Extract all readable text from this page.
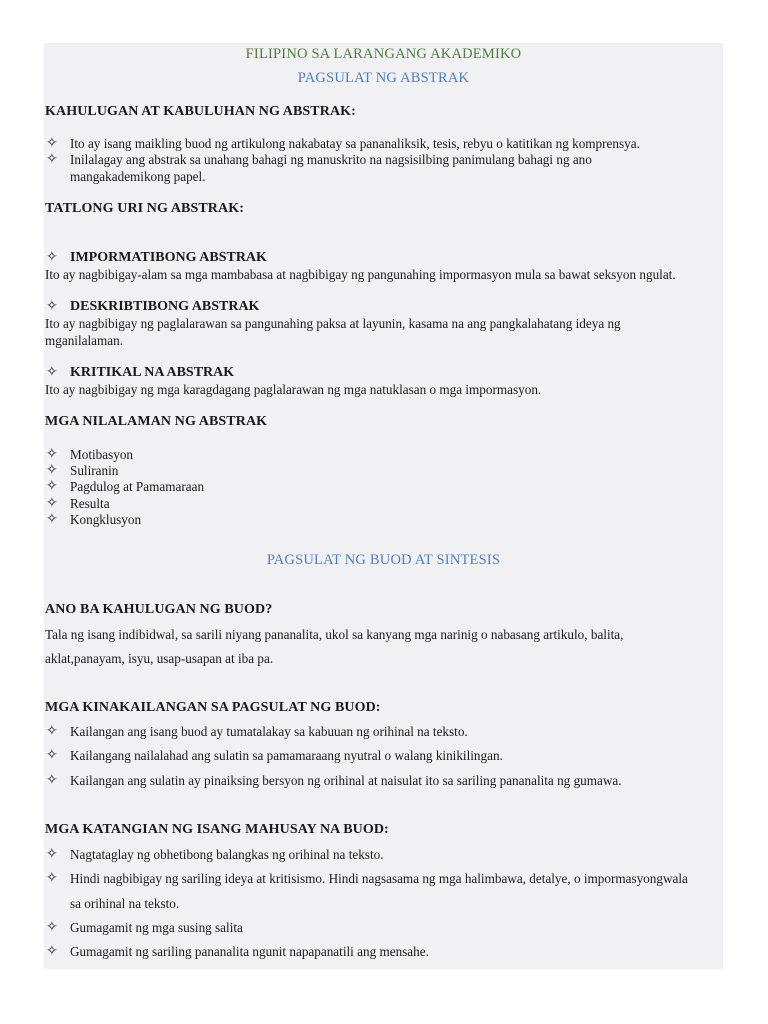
FILIPINO SA LARANGANG AKADEMIKO
PAGSULAT NG ABSTRAK
KAHULUGAN AT KABULUHAN NG ABSTRAK:
✧ Ito ay isang maikling buod ng artikulong nakabatay sa pananaliksik, tesis, rebyu o katitikan ng komprensya.
✧ Inilalagay ang abstrak sa unahang bahagi ng manuskrito na nagsisilbing panimulang bahagi ng ano
mangakademikong papel.
TATLONG URI NG ABSTRAK:
✧ IMPORMATIBONG ABSTRAK
Ito ay nagbibigay-alam sa mga mambabasa at nagbibigay ng pangunahing impormasyon mula sa bawat seksyon ngulat.
✧ DESKRIBTIBONG ABSTRAK
Ito ay nagbibigay ng paglalarawan sa pangunahing paksa at layunin, kasama na ang pangkalahatang ideya ng
mganilalaman.
✧ KRITIKAL NA ABSTRAK
Ito ay nagbibigay ng mga karagdagang paglalarawan ng mga natuklasan o mga impormasyon.
MGA NILALAMAN NG ABSTRAK
✧ Motibasyon
✧ Suliranin
✧ Pagdulog at Pamamaraan
✧ Resulta
✧ Kongklusyon
PAGSULAT NG BUOD AT SINTESIS
ANO BA KAHULUGAN NG BUOD?
Tala ng isang indibidwal, sa sarili niyang pananalita, ukol sa kanyang mga narinig o nabasang artikulo, balita,
aklat,panayam, isyu, usap-usapan at iba pa.
MGA KINAKAILANGAN SA PAGSULAT NG BUOD:
✧ Kailangan ang isang buod ay tumatalakay sa kabuuan ng orihinal na teksto.
✧ Kailangang nailalahad ang sulatin sa pamamaraang nyutral o walang kinikilingan.
✧ Kailangan ang sulatin ay pinaiksing bersyon ng orihinal at naisulat ito sa sariling pananalita ng gumawa.
MGA KATANGIAN NG ISANG MAHUSAY NA BUOD:
✧ Nagtataglay ng obhetibong balangkas ng orihinal na teksto.
✧ Hindi nagbibigay ng sariling ideya at kritisismo. Hindi nagsasama ng mga halimbawa, detalye, o impormasyongwala
sa orihinal na teksto.
✧ Gumagamit ng mga susing salita
✧ Gumagamit ng sariling pananalita ngunit napapanatili ang mensahe.
